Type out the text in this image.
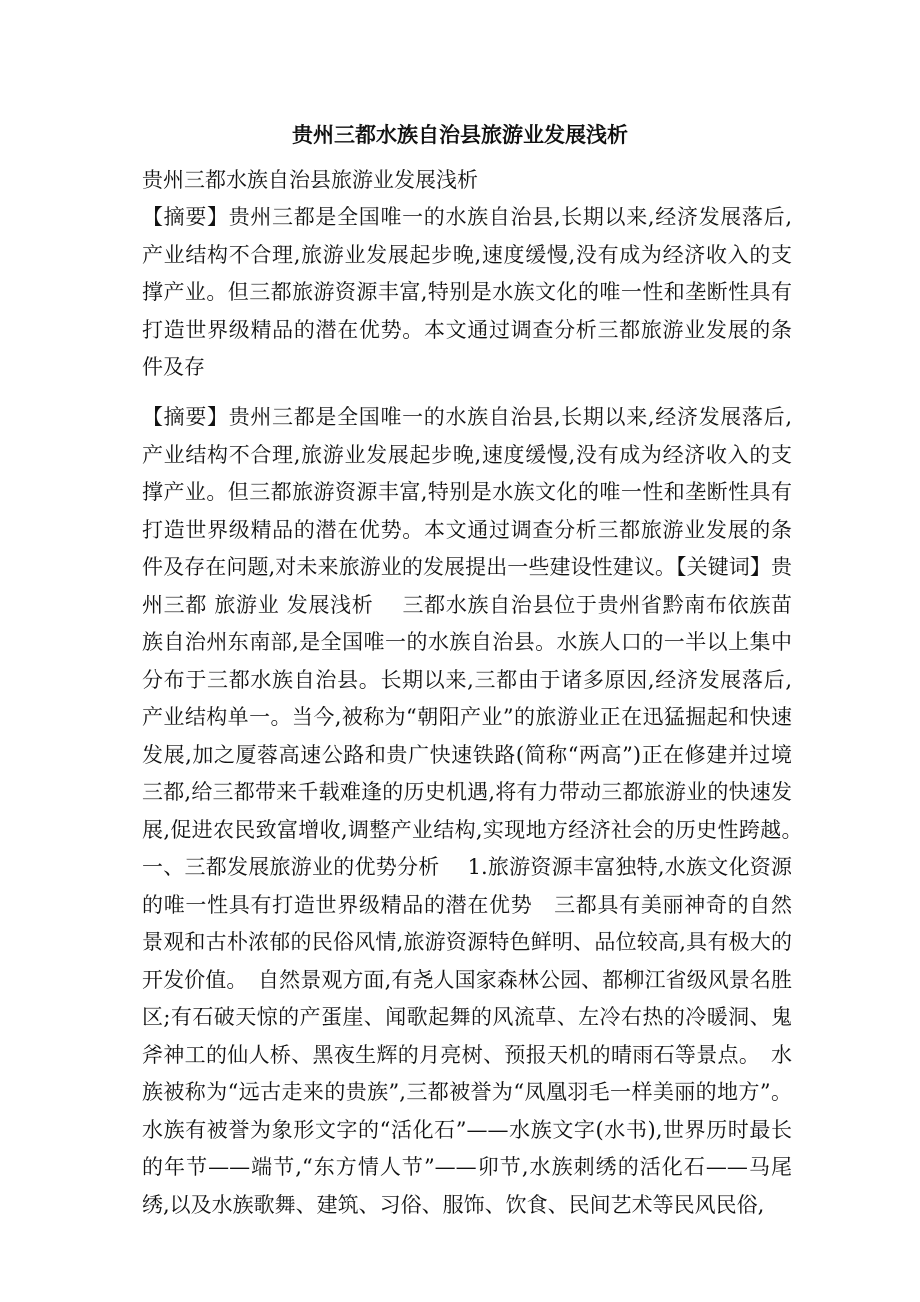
贵州三都水族自治县旅游业发展浅析
贵州三都水族自治县旅游业发展浅析
【摘要】贵州三都是全国唯一的水族自治县,长期以来,经济发展落后,产业结构不合理,旅游业发展起步晚,速度缓慢,没有成为经济收入的支撑产业。但三都旅游资源丰富,特别是水族文化的唯一性和垄断性具有打造世界级精品的潜在优势。本文通过调查分析三都旅游业发展的条件及存
【摘要】贵州三都是全国唯一的水族自治县,长期以来,经济发展落后,产业结构不合理,旅游业发展起步晚,速度缓慢,没有成为经济收入的支撑产业。但三都旅游资源丰富,特别是水族文化的唯一性和垄断性具有打造世界级精品的潜在优势。本文通过调查分析三都旅游业发展的条件及存在问题,对未来旅游业的发展提出一些建设性建议。【关键词】贵州三都 旅游业 发展浅析　 三都水族自治县位于贵州省黔南布依族苗族自治州东南部,是全国唯一的水族自治县。水族人口的一半以上集中分布于三都水族自治县。长期以来,三都由于诸多原因,经济发展落后,产业结构单一。当今,被称为“朝阳产业”的旅游业正在迅猛掘起和快速发展,加之厦蓉高速公路和贵广快速铁路(简称“两高”)正在修建并过境三都,给三都带来千载难逢的历史机遇,将有力带动三都旅游业的快速发展,促进农民致富增收,调整产业结构,实现地方经济社会的历史性跨越。　 一、三都发展旅游业的优势分析　 1.旅游资源丰富独特,水族文化资源的唯一性具有打造世界级精品的潜在优势　三都具有美丽神奇的自然景观和古朴浓郁的民俗风情,旅游资源特色鲜明、品位较高,具有极大的开发价值。　自然景观方面,有尧人国家森林公园、都柳江省级风景名胜区;有石破天惊的产蛋崖、闻歌起舞的风流草、左冷右热的冷暖洞、鬼斧神工的仙人桥、黑夜生辉的月亮树、预报天机的晴雨石等景点。　水族被称为“远古走来的贵族”,三都被誉为“凤凰羽毛一样美丽的地方”。水族有被誉为象形文字的“活化石”——水族文字(水书),世界历时最长的年节——端节,“东方情人节”——卯节,水族刺绣的活化石——马尾绣,以及水族歌舞、建筑、习俗、服饰、饮食、民间艺术等民风民俗,
